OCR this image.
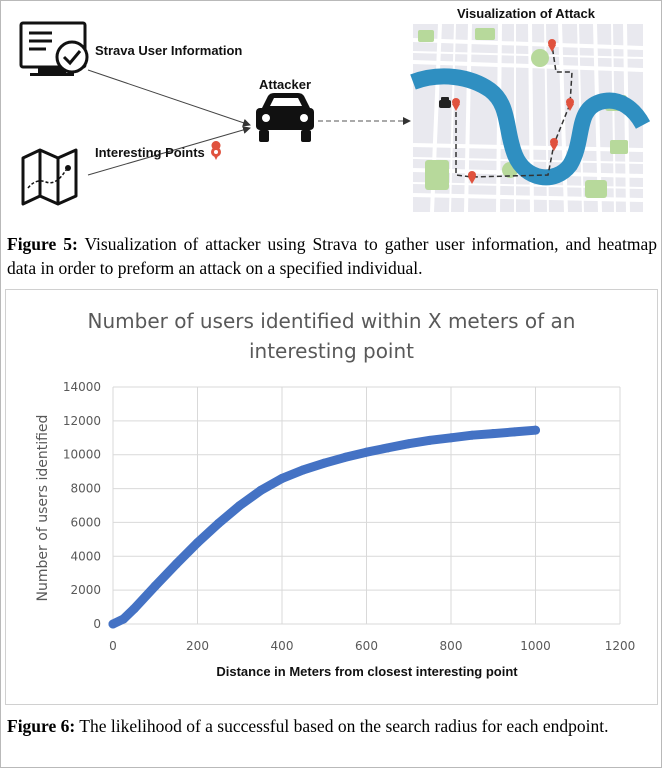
Strava User Information
Interesting Points
Attacker
Visualization of Attack
Figure 5: Visualization of attacker using Strava to gather user information, and heatmap data in order to preform an attack on a specified individual.
Number of users identified within X meters of an
interesting point
0
2000
4000
6000
8000
10000
12000
14000
0	200	400	600	800	1000	1200
Number of users identified
Distance in Meters from closest interesting point
Figure 6: The likelihood of a successful based on the search radius for each endpoint.
